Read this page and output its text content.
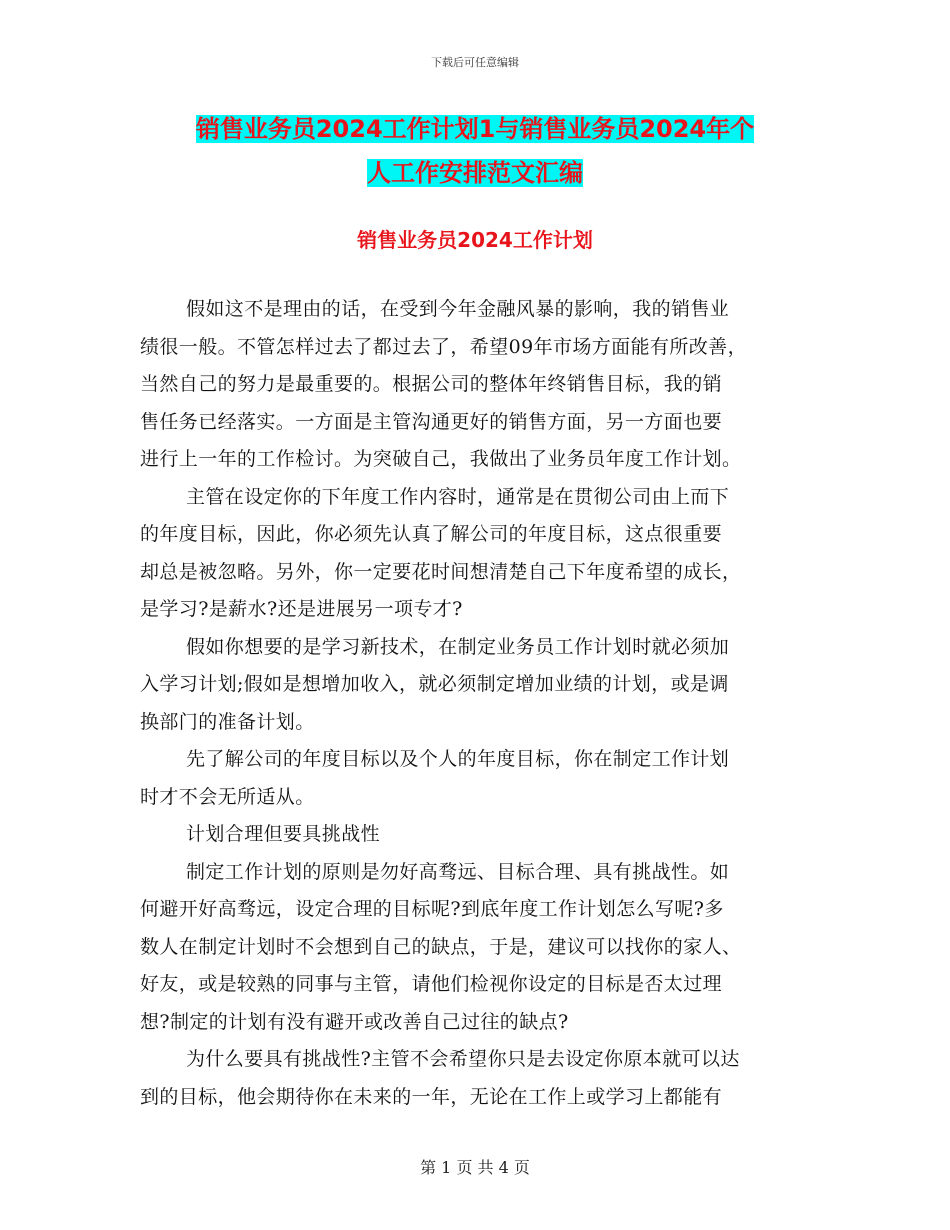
下载后可任意编辑
销售业务员2024工作计划1与销售业务员2024年个
人工作安排范文汇编
销售业务员2024工作计划
假如这不是理由的话，在受到今年金融风暴的影响，我的销售业
绩很一般。不管怎样过去了都过去了，希望09年市场方面能有所改善，
当然自己的努力是最重要的。根据公司的整体年终销售目标，我的销
售任务已经落实。一方面是主管沟通更好的销售方面，另一方面也要
进行上一年的工作检讨。为突破自己，我做出了业务员年度工作计划。
主管在设定你的下年度工作内容时，通常是在贯彻公司由上而下
的年度目标，因此，你必须先认真了解公司的年度目标，这点很重要
却总是被忽略。另外，你一定要花时间想清楚自己下年度希望的成长，
是学习?是薪水?还是进展另一项专才?
假如你想要的是学习新技术，在制定业务员工作计划时就必须加
入学习计划;假如是想增加收入，就必须制定增加业绩的计划，或是调
换部门的准备计划。
先了解公司的年度目标以及个人的年度目标，你在制定工作计划
时才不会无所适从。
计划合理但要具挑战性
制定工作计划的原则是勿好高骛远、目标合理、具有挑战性。如
何避开好高骛远，设定合理的目标呢?到底年度工作计划怎么写呢?多
数人在制定计划时不会想到自己的缺点，于是，建议可以找你的家人、
好友，或是较熟的同事与主管，请他们检视你设定的目标是否太过理
想?制定的计划有没有避开或改善自己过往的缺点?
为什么要具有挑战性?主管不会希望你只是去设定你原本就可以达
到的目标，他会期待你在未来的一年，无论在工作上或学习上都能有
第 1 页 共 4 页
